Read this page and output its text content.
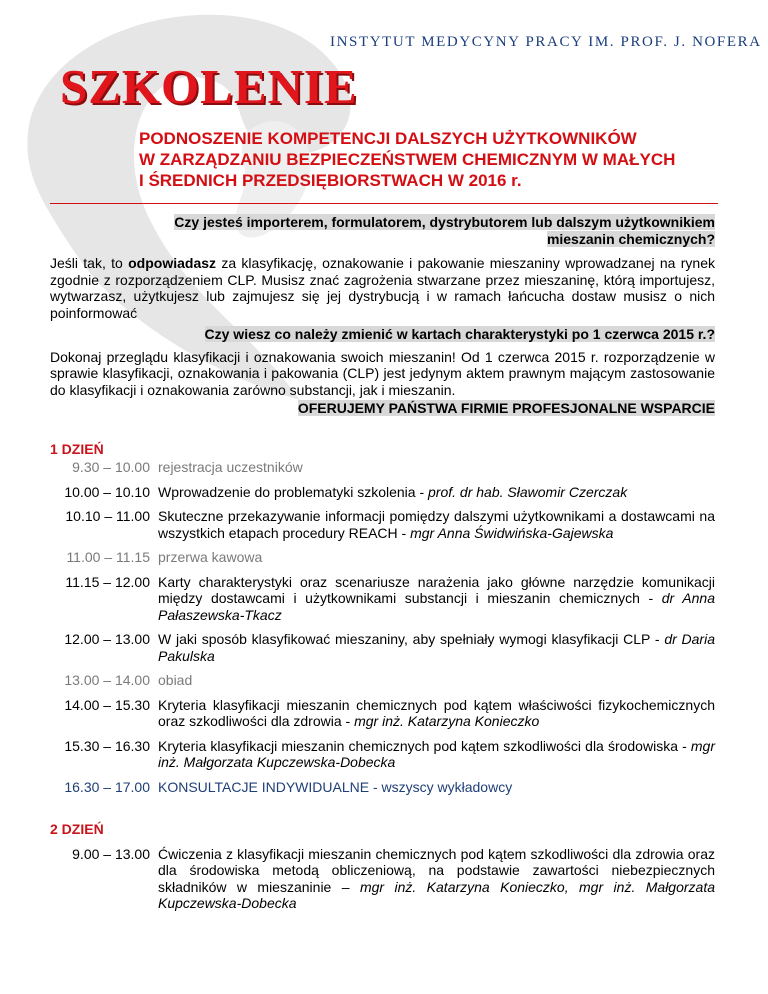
INSTYTUT MEDYCYNY PRACY IM. PROF. J. NOFERA
SZKOLENIE
PODNOSZENIE KOMPETENCJI DALSZYCH UŻYTKOWNIKÓW
W ZARZĄDZANIU BEZPIECZEŃSTWEM CHEMICZNYM W MAŁYCH
I ŚREDNICH PRZEDSIĘBIORSTWACH W 2016 r.
Czy jesteś importerem, formulatorem, dystrybutorem lub dalszym użytkownikiem
mieszanin chemicznych?
Jeśli tak, to odpowiadasz za klasyfikację, oznakowanie i pakowanie mieszaniny wprowadzanej na rynek zgodnie z rozporządzeniem CLP. Musisz znać zagrożenia stwarzane przez mieszaninę, którą importujesz, wytwarzasz, użytkujesz lub zajmujesz się jej dystrybucją i w ramach łańcucha dostaw musisz o nich poinformować
Czy wiesz co należy zmienić w kartach charakterystyki po 1 czerwca 2015 r.?
Dokonaj przeglądu klasyfikacji i oznakowania swoich mieszanin! Od 1 czerwca 2015 r. rozporządzenie w sprawie klasyfikacji, oznakowania i pakowania (CLP) jest jedynym aktem prawnym mającym zastosowanie do klasyfikacji i oznakowania zarówno substancji, jak i mieszanin.
OFERUJEMY PAŃSTWA FIRMIE PROFESJONALNE WSPARCIE
1 DZIEŃ
9.30 – 10.00 rejestracja uczestników
10.00 – 10.10 Wprowadzenie do problematyki szkolenia - prof. dr hab. Sławomir Czerczak
10.10 – 11.00 Skuteczne przekazywanie informacji pomiędzy dalszymi użytkownikami a dostawcami na wszystkich etapach procedury REACH - mgr Anna Świdwińska-Gajewska
11.00 – 11.15 przerwa kawowa
11.15 – 12.00 Karty charakterystyki oraz scenariusze narażenia jako główne narzędzie komunikacji między dostawcami i użytkownikami substancji i mieszanin chemicznych - dr Anna Pałaszewska-Tkacz
12.00 – 13.00 W jaki sposób klasyfikować mieszaniny, aby spełniały wymogi klasyfikacji CLP - dr Daria Pakulska
13.00 – 14.00 obiad
14.00 – 15.30 Kryteria klasyfikacji mieszanin chemicznych pod kątem właściwości fizykochemicznych oraz szkodliwości dla zdrowia - mgr inż. Katarzyna Konieczko
15.30 – 16.30 Kryteria klasyfikacji mieszanin chemicznych pod kątem szkodliwości dla środowiska - mgr inż. Małgorzata Kupczewska-Dobecka
16.30 – 17.00 KONSULTACJE INDYWIDUALNE - wszyscy wykładowcy
2 DZIEŃ
9.00 – 13.00 Ćwiczenia z klasyfikacji mieszanin chemicznych pod kątem szkodliwości dla zdrowia oraz dla środowiska metodą obliczeniową, na podstawie zawartości niebezpiecznych składników w mieszaninie – mgr inż. Katarzyna Konieczko, mgr inż. Małgorzata Kupczewska-Dobecka
